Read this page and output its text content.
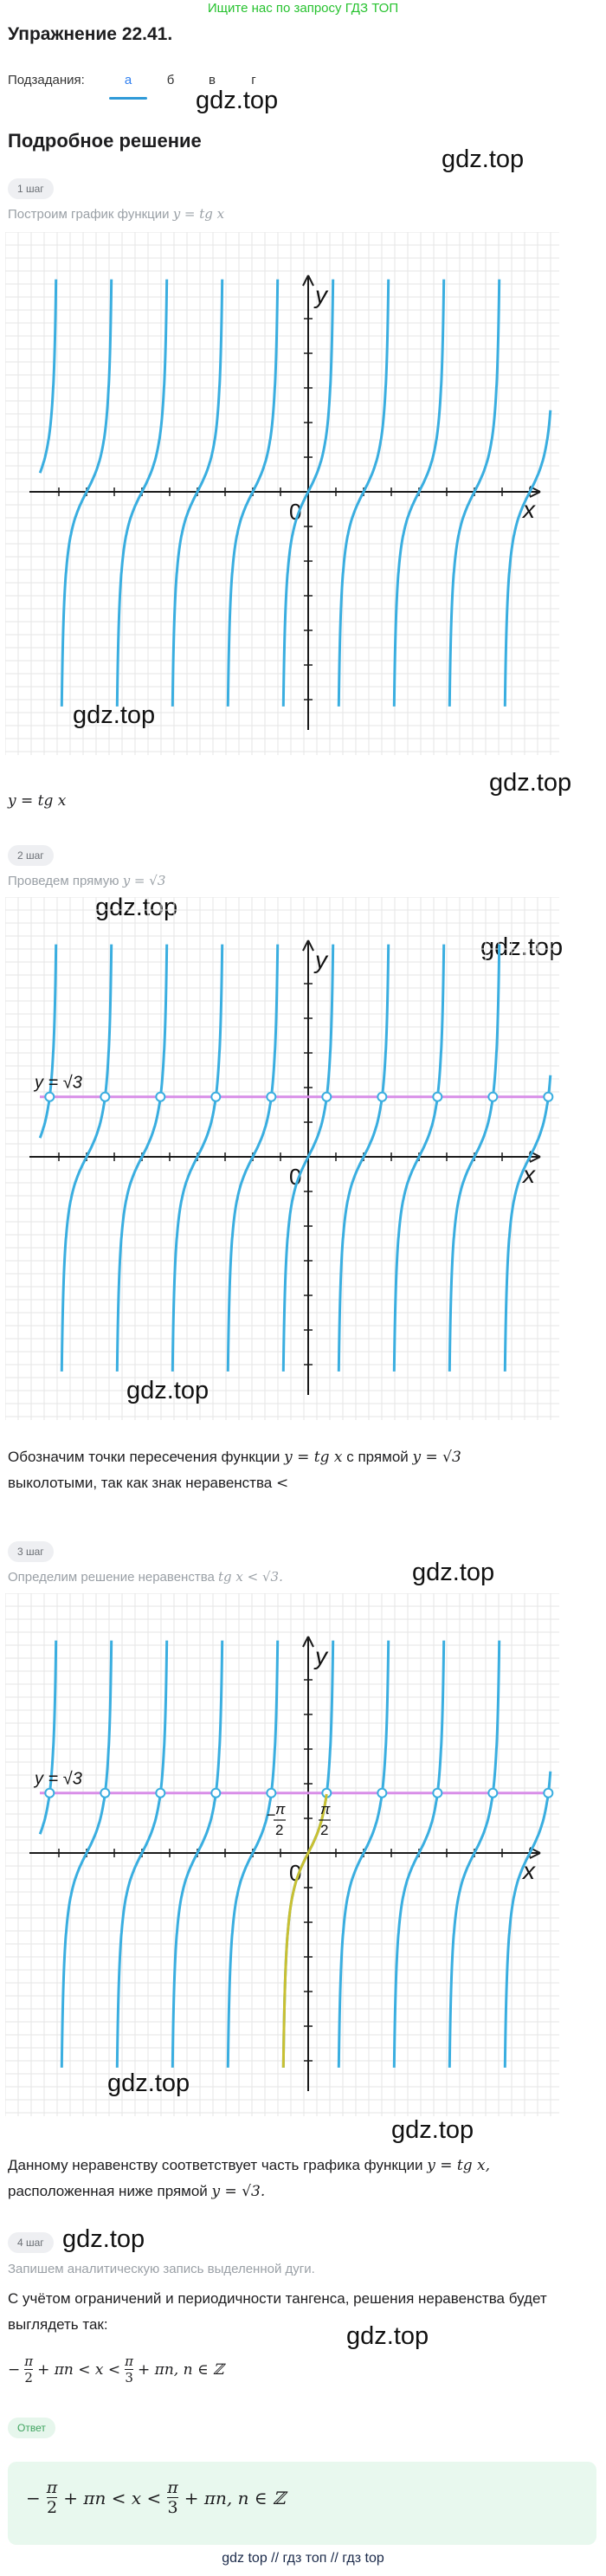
Ищите нас по запросу ГДЗ ТОП
Упражнение 22.41.
Подзадания:	а	б	в	г
gdz.top
Подробное решение
gdz.top
1 шаг
Построим график функции y = tg x
x
y
0
gdz.top
gdz.top
y = tg x
2 шаг
Проведем прямую y = √3
gdz.top
gdz.top
x
y
0
y = √3
gdz.top
Обозначим точки пересечения функции y = tg x с прямой y = √3
выколотыми, так как знак неравенства <
3 шаг
gdz.top
Определим решение неравенства tg x < √3.
x
y
0
y = √3
− π
2
π
2
gdz.top
gdz.top
Данному неравенству соответствует часть графика функции y = tg x,
расположенная ниже прямой y = √3.
4 шаг gdz.top
Запишем аналитическую запись выделенной дуги.
С учётом ограничений и периодичности тангенса, решения неравенства будет
выглядеть так:	gdz.top
− $\frac{\pi}{2} + \pi n < x < \frac{\pi}{3} + \pi n$, n ∈ ℤ
Ответ
− $\frac{\pi}{2} + \pi n < x < \frac{\pi}{3} + \pi n$, n ∈ ℤ
gdz top // гдз топ // гдз top
